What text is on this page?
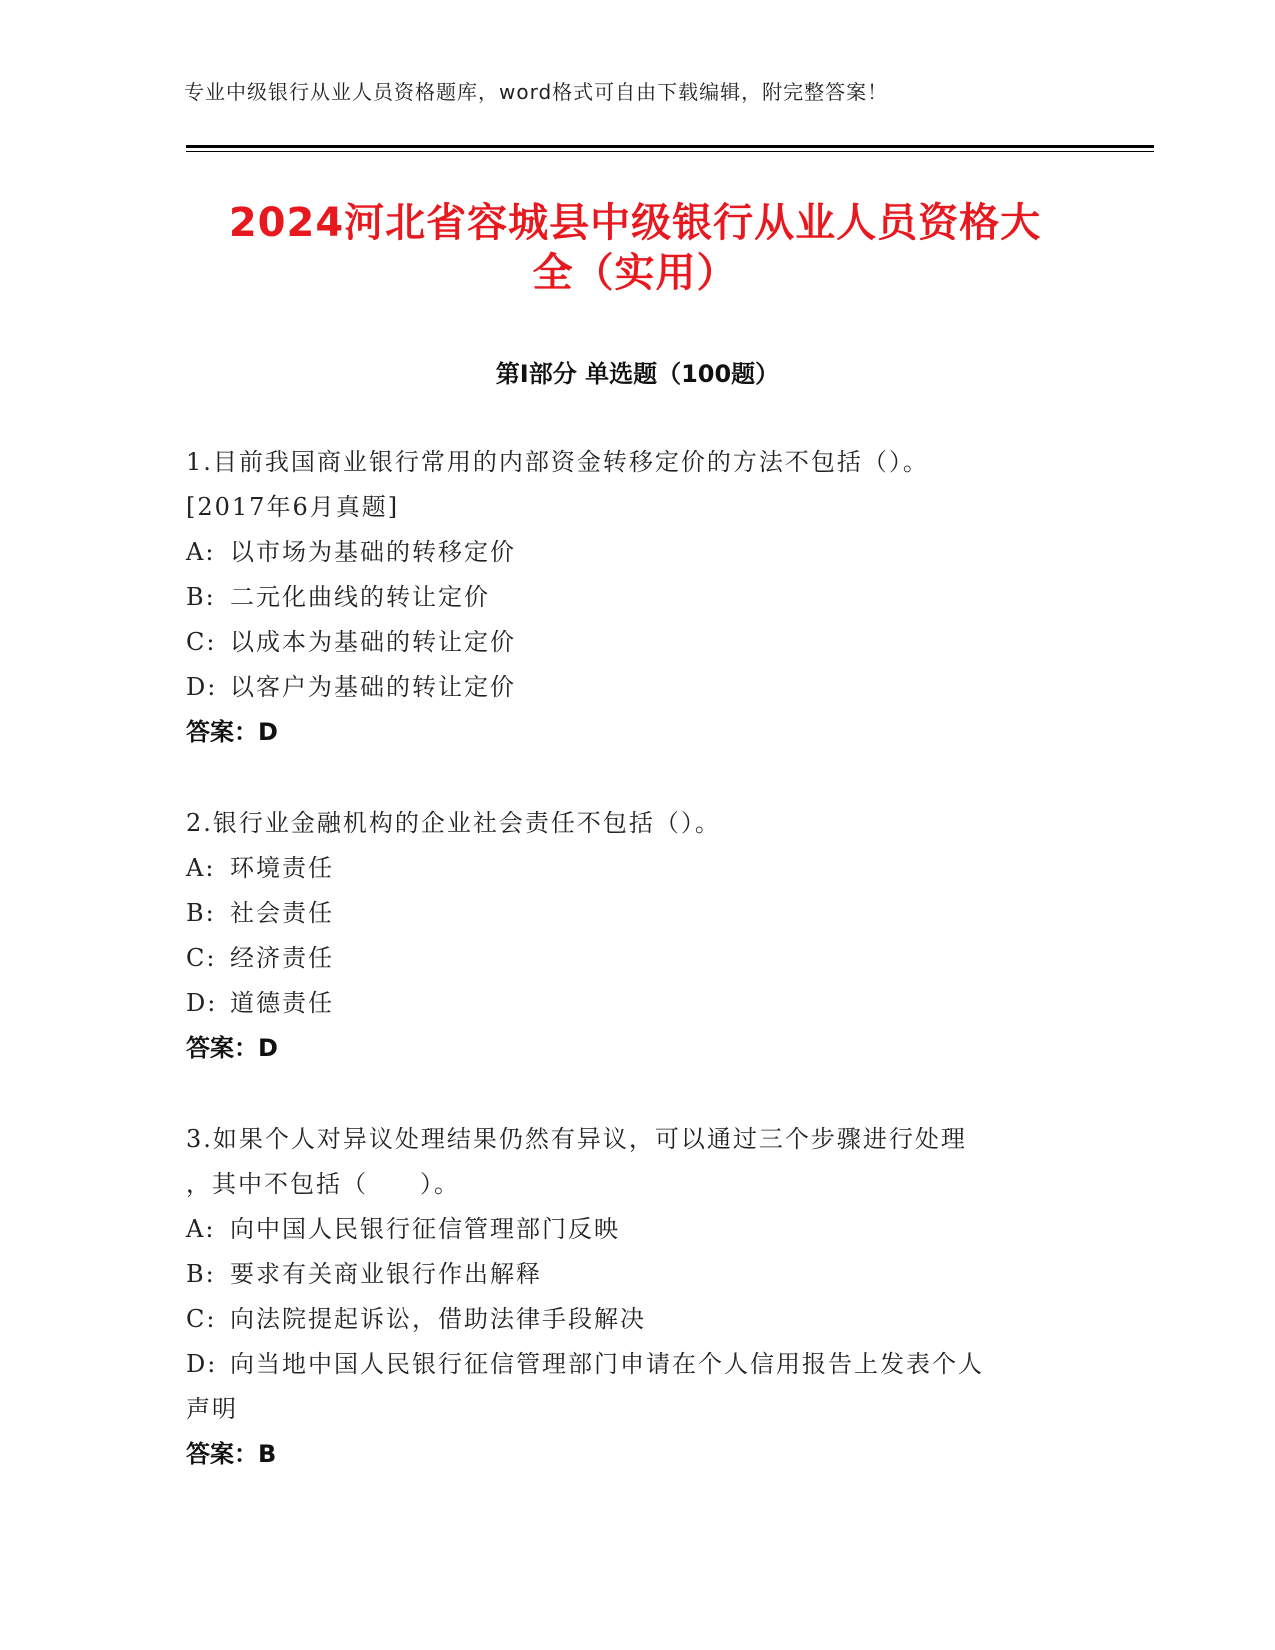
专业中级银行从业人员资格题库，word格式可自由下载编辑，附完整答案！
2024河北省容城县中级银行从业人员资格大
全（实用）
第Ⅰ部分 单选题（100题）
1.目前我国商业银行常用的内部资金转移定价的方法不包括（）。
[2017年6月真题]
A: 以市场为基础的转移定价
B: 二元化曲线的转让定价
C: 以成本为基础的转让定价
D: 以客户为基础的转让定价
答案：D
2.银行业金融机构的企业社会责任不包括（）。
A: 环境责任
B: 社会责任
C: 经济责任
D: 道德责任
答案：D
3.如果个人对异议处理结果仍然有异议，可以通过三个步骤进行处理
，其中不包括（　　）。
A: 向中国人民银行征信管理部门反映
B: 要求有关商业银行作出解释
C: 向法院提起诉讼，借助法律手段解决
D: 向当地中国人民银行征信管理部门申请在个人信用报告上发表个人
声明
答案：B
